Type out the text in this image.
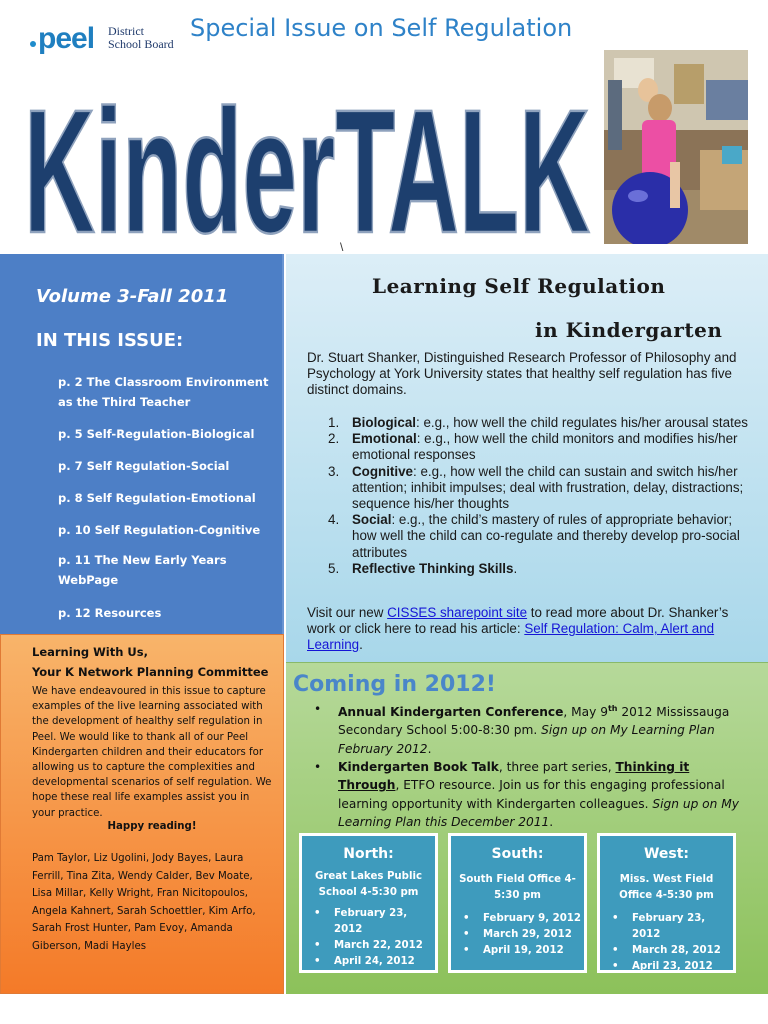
peel District
School Board
Special Issue on Self Regulation
KinderTALK
\
Volume 3-Fall 2011
IN THIS ISSUE:
p. 2 The Classroom Environment as the Third Teacher
p. 5 Self-Regulation-Biological
p. 7 Self Regulation-Social
p. 8 Self Regulation-Emotional
p. 10 Self Regulation-Cognitive
p. 11 The New Early Years WebPage
p. 12 Resources
Learning With Us,
Your K Network Planning Committee
We have endeavoured in this issue to capture examples of the live learning associated with the development of healthy self regulation in Peel. We would like to thank all of our Peel Kindergarten children and their educators for allowing us to capture the complexities and developmental scenarios of self regulation. We hope these real life examples assist you in your practice.
Happy reading!
Pam Taylor, Liz Ugolini, Jody Bayes, Laura Ferrill, Tina Zita, Wendy Calder, Bev Moate, Lisa Millar, Kelly Wright, Fran Nicitopoulos, Angela Kahnert, Sarah Schoettler, Kim Arfo, Sarah Frost Hunter, Pam Evoy, Amanda Giberson, Madi Hayles
Learning Self Regulation
in Kindergarten
Dr. Stuart Shanker, Distinguished Research Professor of Philosophy and Psychology at York University states that healthy self regulation has five distinct domains.
1. Biological: e.g., how well the child regulates his/her arousal states
2. Emotional: e.g., how well the child monitors and modifies his/her emotional responses
3. Cognitive: e.g., how well the child can sustain and switch his/her attention; inhibit impulses; deal with frustration, delay, distractions; sequence his/her thoughts
4. Social: e.g., the child’s mastery of rules of appropriate behavior; how well the child can co-regulate and thereby develop pro-social attributes
5. Reflective Thinking Skills.
Visit our new CISSES sharepoint site to read more about Dr. Shanker’s work or click here to read his article: Self Regulation: Calm, Alert and Learning.
Coming in 2012!
• Annual Kindergarten Conference, May 9th 2012 Mississauga Secondary School 5:00-8:30 pm. Sign up on My Learning Plan February 2012.
• Kindergarten Book Talk, three part series, Thinking it Through, ETFO resource. Join us for this engaging professional learning opportunity with Kindergarten colleagues. Sign up on My Learning Plan this December 2011.
North:
Great Lakes Public School 4-5:30 pm
• February 23, 2012
• March 22, 2012
• April 24, 2012
South:
South Field Office 4-5:30 pm
• February 9, 2012
• March 29, 2012
• April 19, 2012
West:
Miss. West Field Office 4-5:30 pm
• February 23, 2012
• March 28, 2012
• April 23, 2012
